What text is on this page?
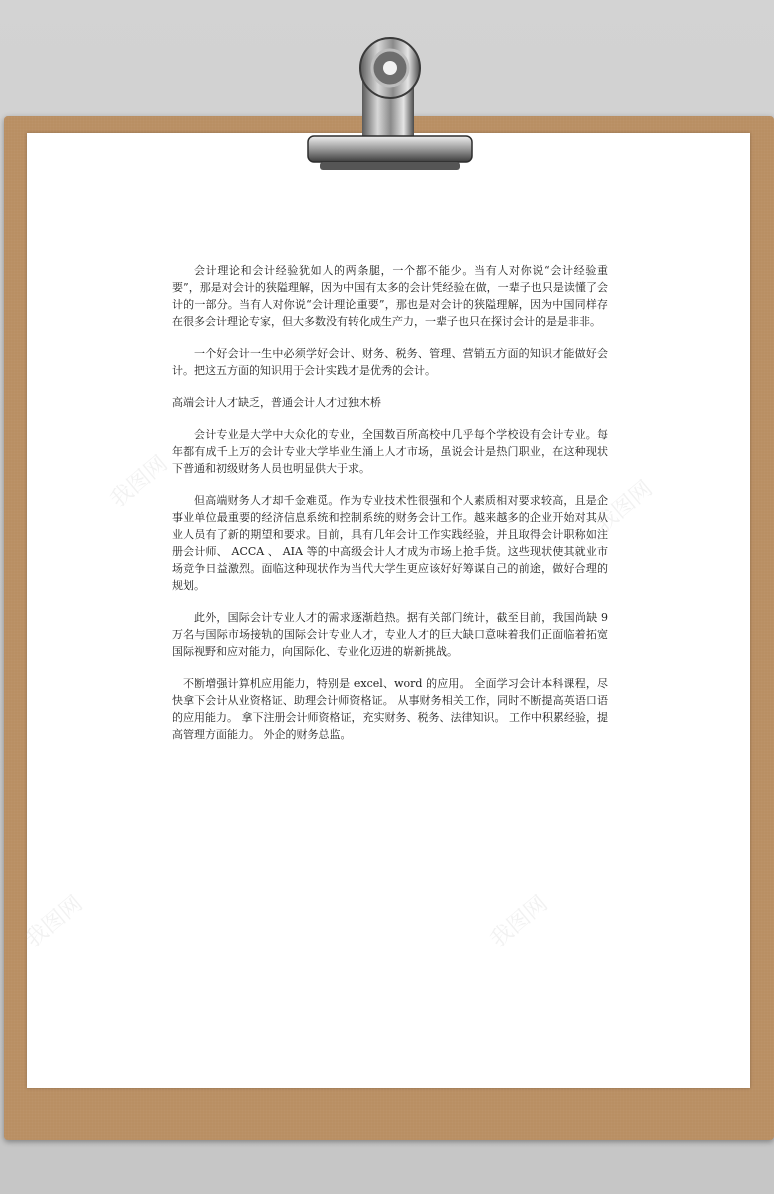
我图网	我图网
我图网	我图网

会计理论和会计经验犹如人的两条腿，一个都不能少。当有人对你说“会计经验重要”，那是对会计的狭隘理解，因为中国有太多的会计凭经验在做，一辈子也只是读懂了会计的一部分。当有人对你说“会计理论重要”，那也是对会计的狭隘理解，因为中国同样存在很多会计理论专家，但大多数没有转化成生产力，一辈子也只在探讨会计的是是非非。

一个好会计一生中必须学好会计、财务、税务、管理、营销五方面的知识才能做好会计。把这五方面的知识用于会计实践才是优秀的会计。

高端会计人才缺乏，普通会计人才过独木桥

会计专业是大学中大众化的专业，全国数百所高校中几乎每个学校设有会计专业。每年都有成千上万的会计专业大学毕业生涌上人才市场，虽说会计是热门职业，在这种现状下普通和初级财务人员也明显供大于求。

但高端财务人才却千金难觅。作为专业技术性很强和个人素质相对要求较高，且是企事业单位最重要的经济信息系统和控制系统的财务会计工作。越来越多的企业开始对其从业人员有了新的期望和要求。目前，具有几年会计工作实践经验，并且取得会计职称如注册会计师、 ACCA 、 AIA 等的中高级会计人才成为市场上抢手货。这些现状使其就业市场竞争日益激烈。面临这种现状作为当代大学生更应该好好筹谋自己的前途，做好合理的规划。

此外，国际会计专业人才的需求逐渐趋热。据有关部门统计，截至目前，我国尚缺 9 万名与国际市场接轨的国际会计专业人才，专业人才的巨大缺口意味着我们正面临着拓宽国际视野和应对能力，向国际化、专业化迈进的崭新挑战。

不断增强计算机应用能力，特别是 excel、word 的应用。 全面学习会计本科课程，尽快拿下会计从业资格证、助理会计师资格证。 从事财务相关工作，同时不断提高英语口语的应用能力。 拿下注册会计师资格证，充实财务、税务、法律知识。 工作中积累经验，提高管理方面能力。 外企的财务总监。
